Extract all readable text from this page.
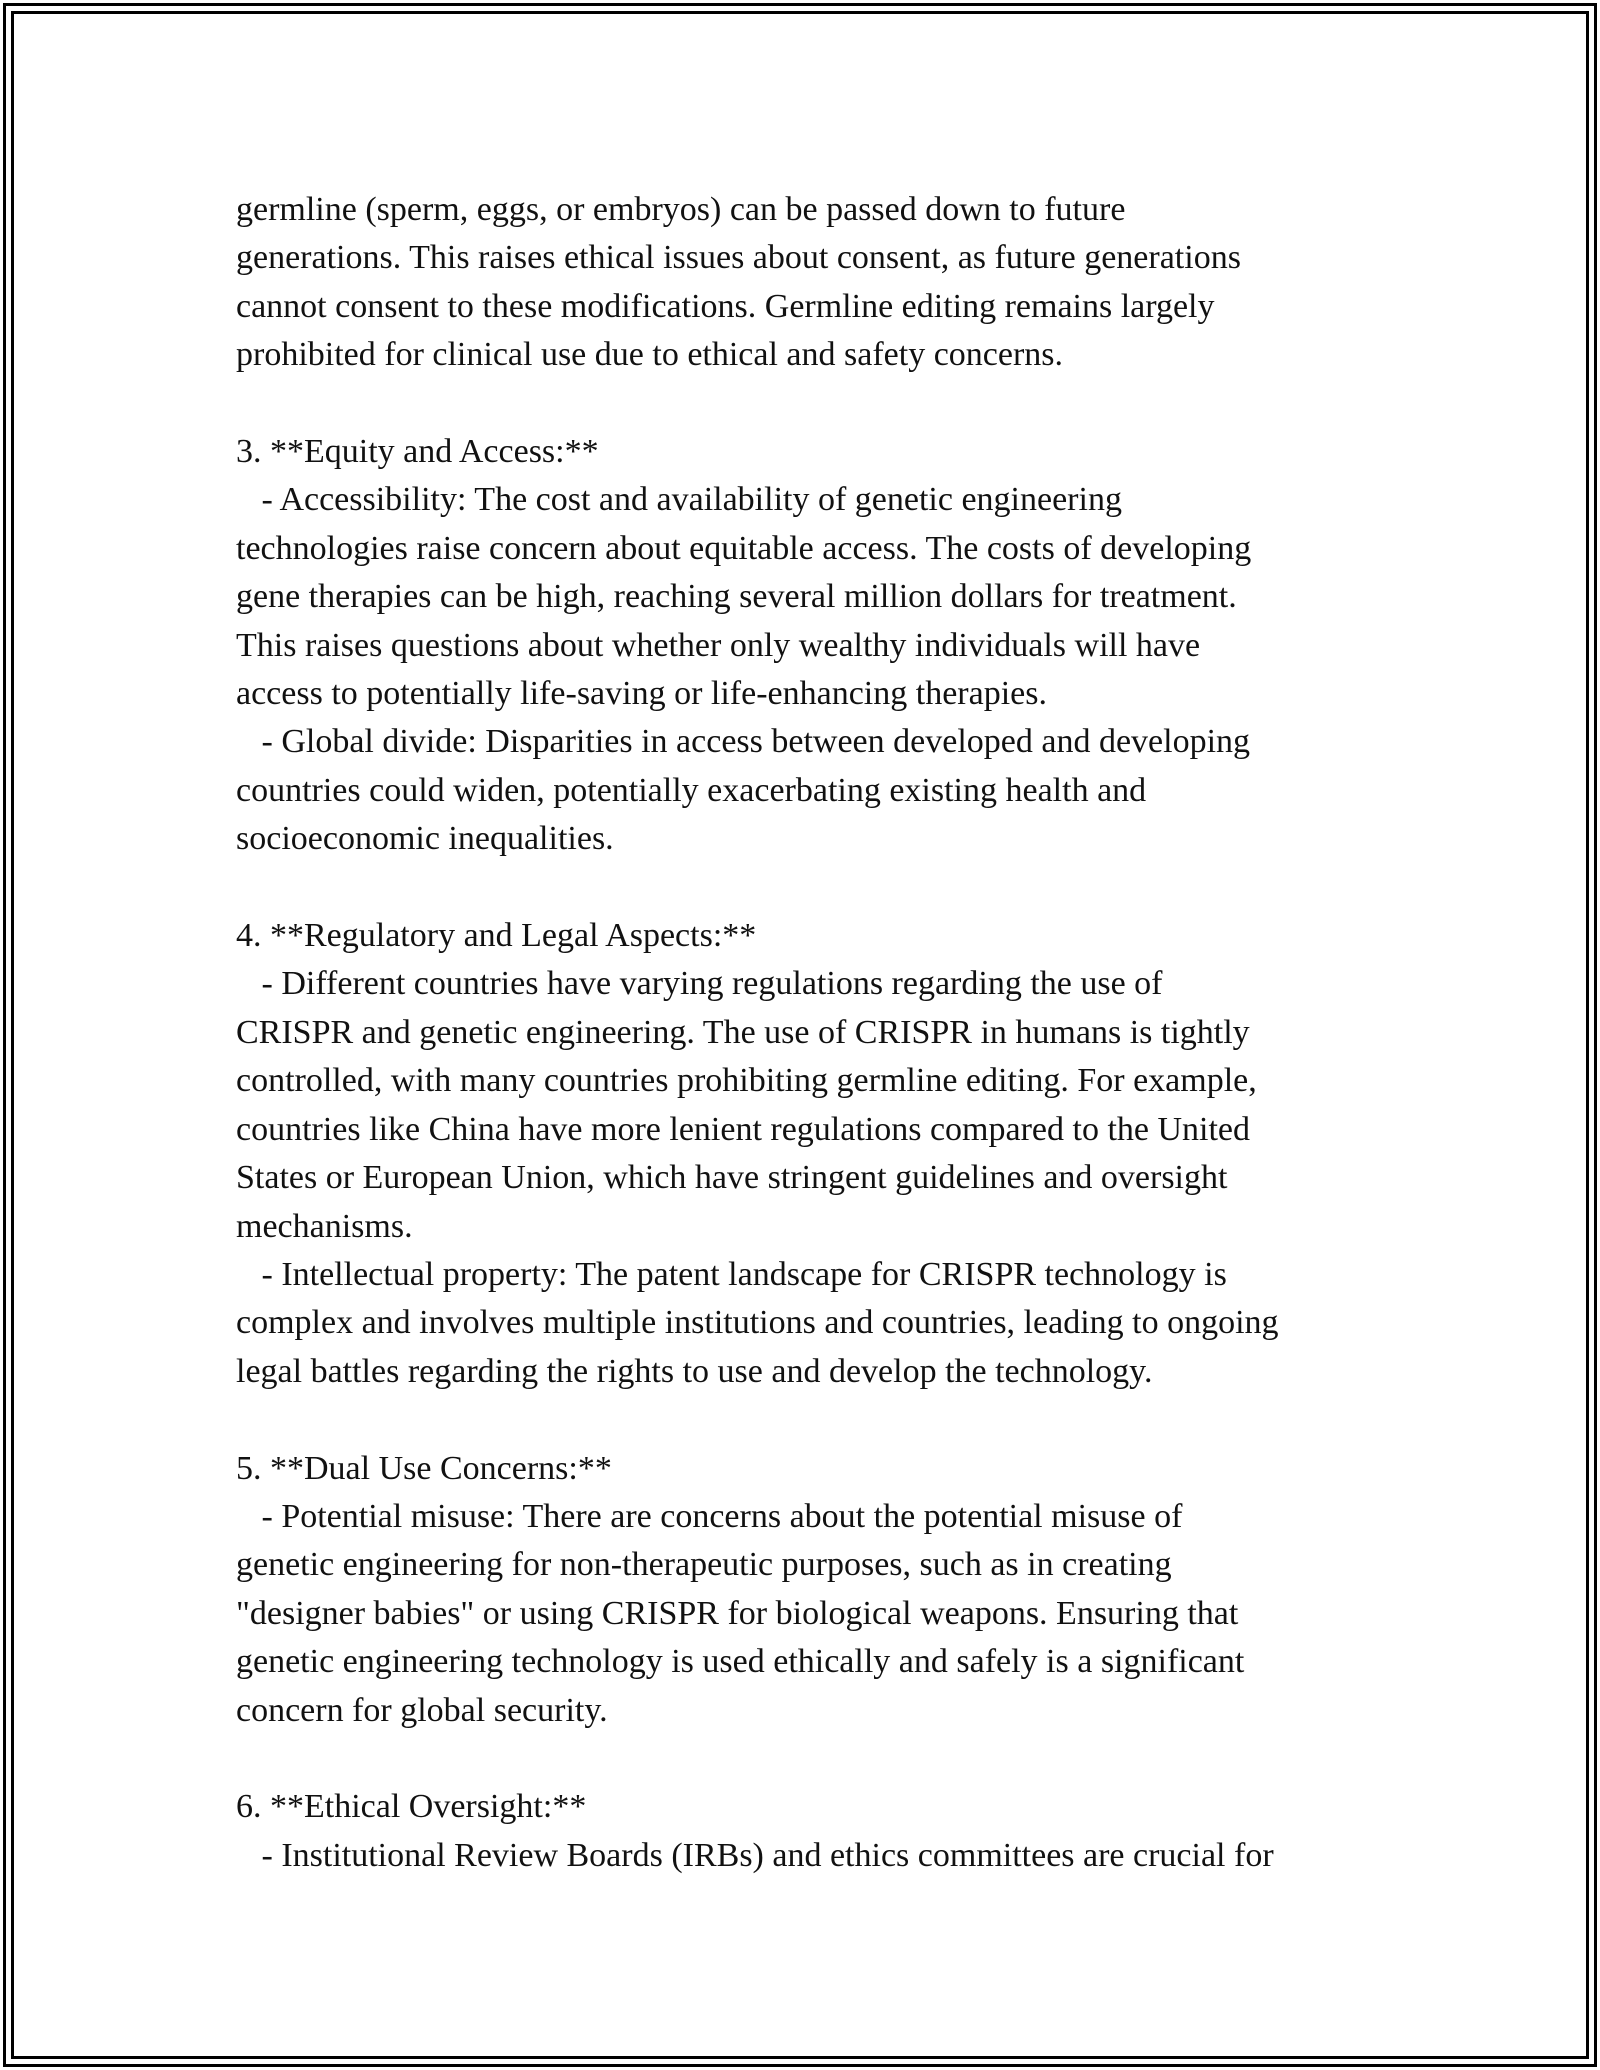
germline (sperm, eggs, or embryos) can be passed down to future

generations. This raises ethical issues about consent, as future generations

cannot consent to these modifications. Germline editing remains largely

prohibited for clinical use due to ethical and safety concerns.

3. **Equity and Access:**

- Accessibility: The cost and availability of genetic engineering

technologies raise concern about equitable access. The costs of developing

gene therapies can be high, reaching several million dollars for treatment.

This raises questions about whether only wealthy individuals will have

access to potentially life-saving or life-enhancing therapies.

- Global divide: Disparities in access between developed and developing

countries could widen, potentially exacerbating existing health and

socioeconomic inequalities.

4. **Regulatory and Legal Aspects:**

- Different countries have varying regulations regarding the use of

CRISPR and genetic engineering. The use of CRISPR in humans is tightly

controlled, with many countries prohibiting germline editing. For example,

countries like China have more lenient regulations compared to the United

States or European Union, which have stringent guidelines and oversight

mechanisms.

- Intellectual property: The patent landscape for CRISPR technology is

complex and involves multiple institutions and countries, leading to ongoing

legal battles regarding the rights to use and develop the technology.

5. **Dual Use Concerns:**

- Potential misuse: There are concerns about the potential misuse of

genetic engineering for non-therapeutic purposes, such as in creating

"designer babies" or using CRISPR for biological weapons. Ensuring that

genetic engineering technology is used ethically and safely is a significant

concern for global security.

6. **Ethical Oversight:**

- Institutional Review Boards (IRBs) and ethics committees are crucial for
